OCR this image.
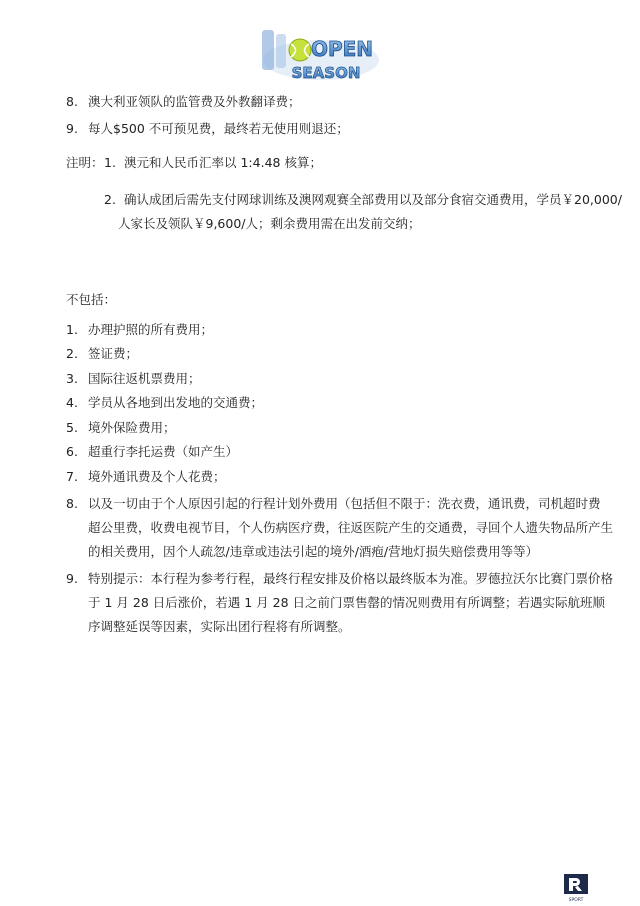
OPEN
SEASON
8. 澳大利亚领队的监管费及外教翻译费；
9. 每人$500 不可预见费，最终若无使用则退还；
注明： 1. 澳元和人民币汇率以 1:4.48 核算；
2. 确认成团后需先支付网球训练及澳网观赛全部费用以及部分食宿交通费用，学员￥20,000/
人家长及领队￥9,600/人；剩余费用需在出发前交纳；
不包括：
1. 办理护照的所有费用；
2. 签证费；
3. 国际往返机票费用；
4. 学员从各地到出发地的交通费；
5. 境外保险费用；
6. 超重行李托运费（如产生）
7. 境外通讯费及个人花费；
8. 以及一切由于个人原因引起的行程计划外费用（包括但不限于：洗衣费，通讯费，司机超时费
超公里费，收费电视节目，个人伤病医疗费，往返医院产生的交通费，寻回个人遗失物品所产生
的相关费用，因个人疏忽/违章或违法引起的境外/酒疱/营地灯损失赔偿费用等等）
9. 特别提示：本行程为参考行程，最终行程安排及价格以最终版本为准。罗德拉沃尔比赛门票价格
于 1 月 28 日后涨价，若遇 1 月 28 日之前门票售罄的情况则费用有所调整；若遇实际航班顺
序调整延误等因素，实际出团行程将有所调整。
SPORT
